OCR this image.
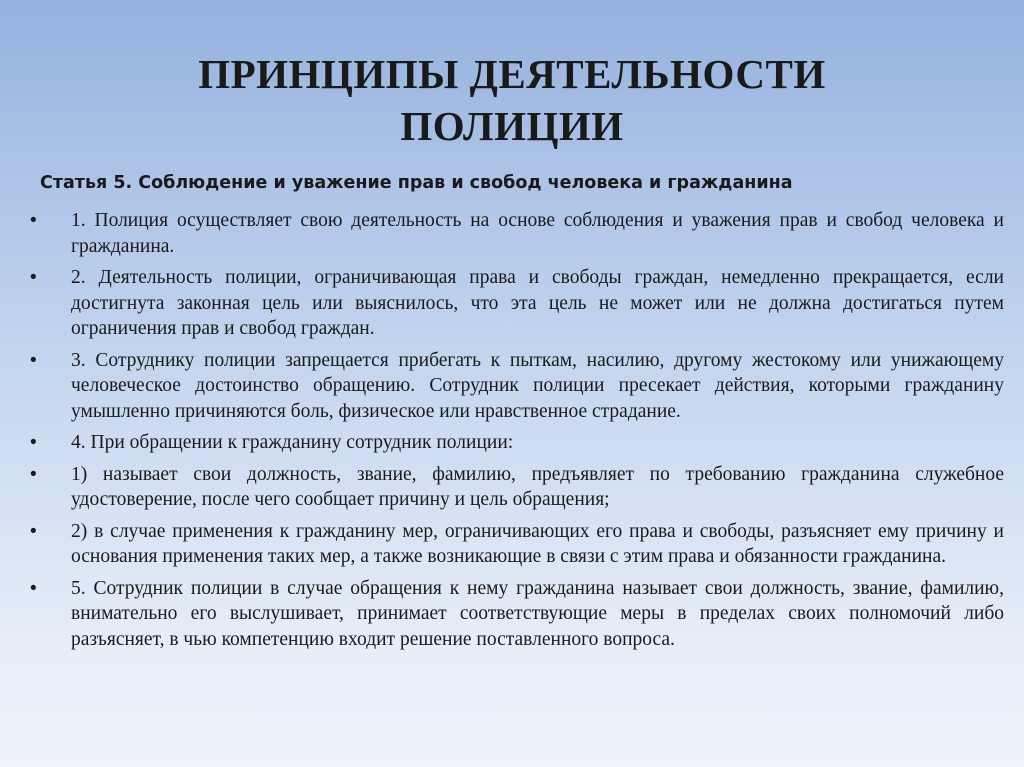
ПРИНЦИПЫ ДЕЯТЕЛЬНОСТИ
ПОЛИЦИИ
Статья 5. Соблюдение и уважение прав и свобод человека и гражданина
•	1. Полиция осуществляет свою деятельность на основе соблюдения и уважения прав и свобод человека и гражданина.
•	2. Деятельность полиции, ограничивающая права и свободы граждан, немедленно прекращается, если достигнута законная цель или выяснилось, что эта цель не может или не должна достигаться путем ограничения прав и свобод граждан.
•	3. Сотруднику полиции запрещается прибегать к пыткам, насилию, другому жестокому или унижающему человеческое достоинство обращению. Сотрудник полиции пресекает действия, которыми гражданину умышленно причиняются боль, физическое или нравственное страдание.
•	4. При обращении к гражданину сотрудник полиции:
•	1) называет свои должность, звание, фамилию, предъявляет по требованию гражданина служебное удостоверение, после чего сообщает причину и цель обращения;
•	2) в случае применения к гражданину мер, ограничивающих его права и свободы, разъясняет ему причину и основания применения таких мер, а также возникающие в связи с этим права и обязанности гражданина.
•	5. Сотрудник полиции в случае обращения к нему гражданина называет свои должность, звание, фамилию, внимательно его выслушивает, принимает соответствующие меры в пределах своих полномочий либо разъясняет, в чью компетенцию входит решение поставленного вопроса.
